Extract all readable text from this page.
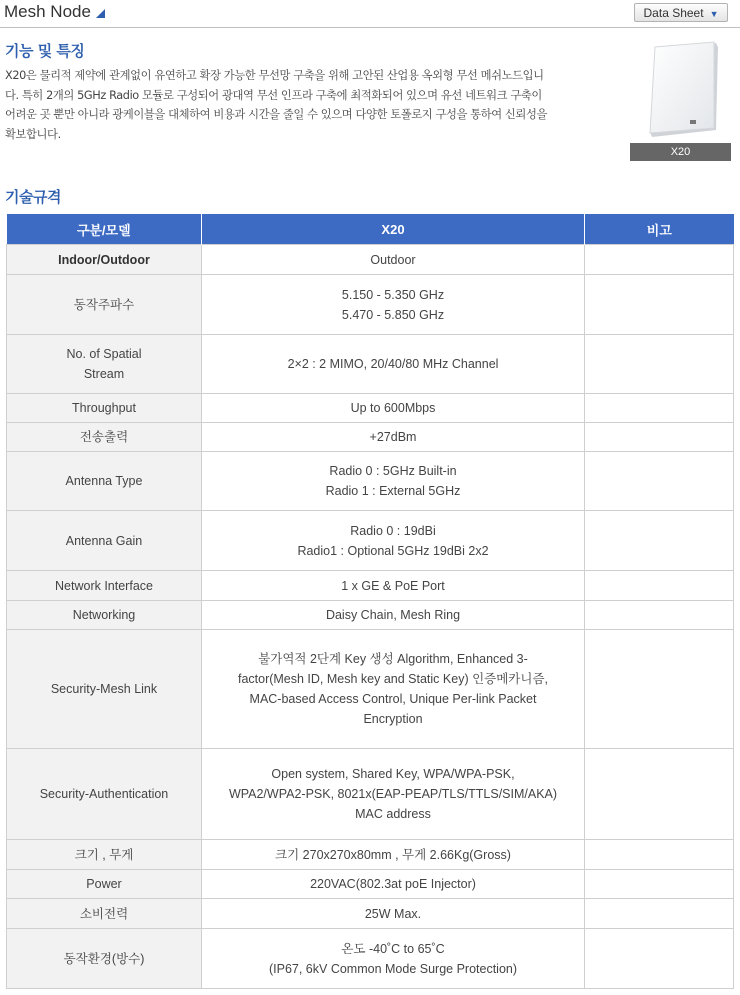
Mesh Node	Data Sheet ▼
기능 및 특징
X20은 물리적 제약에 관계없이 유연하고 확장 가능한 무선망 구축을 위해 고안된 산업용 옥외형 무선 메쉬노드입니다. 특히 2개의 5GHz Radio 모듈로 구성되어 광대역 무선 인프라 구축에 최적화되어 있으며 유선 네트워크 구축이 어려운 곳 뿐만 아니라 광케이블을 대체하여 비용과 시간을 줄일 수 있으며 다양한 토폴로지 구성을 통하여 신뢰성을 확보합니다.
X20
기술규격
구분/모델	X20	비고
Indoor/Outdoor	Outdoor	

동작주파수	5.150 - 5.350 GHz
5.470 - 5.850 GHz	

No. of Spatial
Stream	2×2 : 2 MIMO, 20/40/80 MHz Channel	

Throughput	Up to 600Mbps	

전송출력	+27dBm	

Antenna Type	Radio 0 : 5GHz Built-in
Radio 1 : External 5GHz	

Antenna Gain	Radio 0 : 19dBi
Radio1 : Optional 5GHz 19dBi 2x2	

Network Interface	1 x GE & PoE Port	

Networking	Daisy Chain, Mesh Ring	

Security-Mesh Link	불가역적 2단계 Key 생성 Algorithm, Enhanced 3-
factor(Mesh ID, Mesh key and Static Key) 인증메카니즘,
MAC-based Access Control, Unique Per-link Packet
Encryption	

Security-Authentication	Open system, Shared Key, WPA/WPA-PSK,
WPA2/WPA2-PSK, 8021x(EAP-PEAP/TLS/TTLS/SIM/AKA)
MAC address	

크기 , 무게	크기 270x270x80mm , 무게 2.66Kg(Gross)	

Power	220VAC(802.3at poE Injector)	

소비전력	25W Max.	

동작환경(방수)	온도 -40˚C to 65˚C
(IP67, 6kV Common Mode Surge Protection)	
